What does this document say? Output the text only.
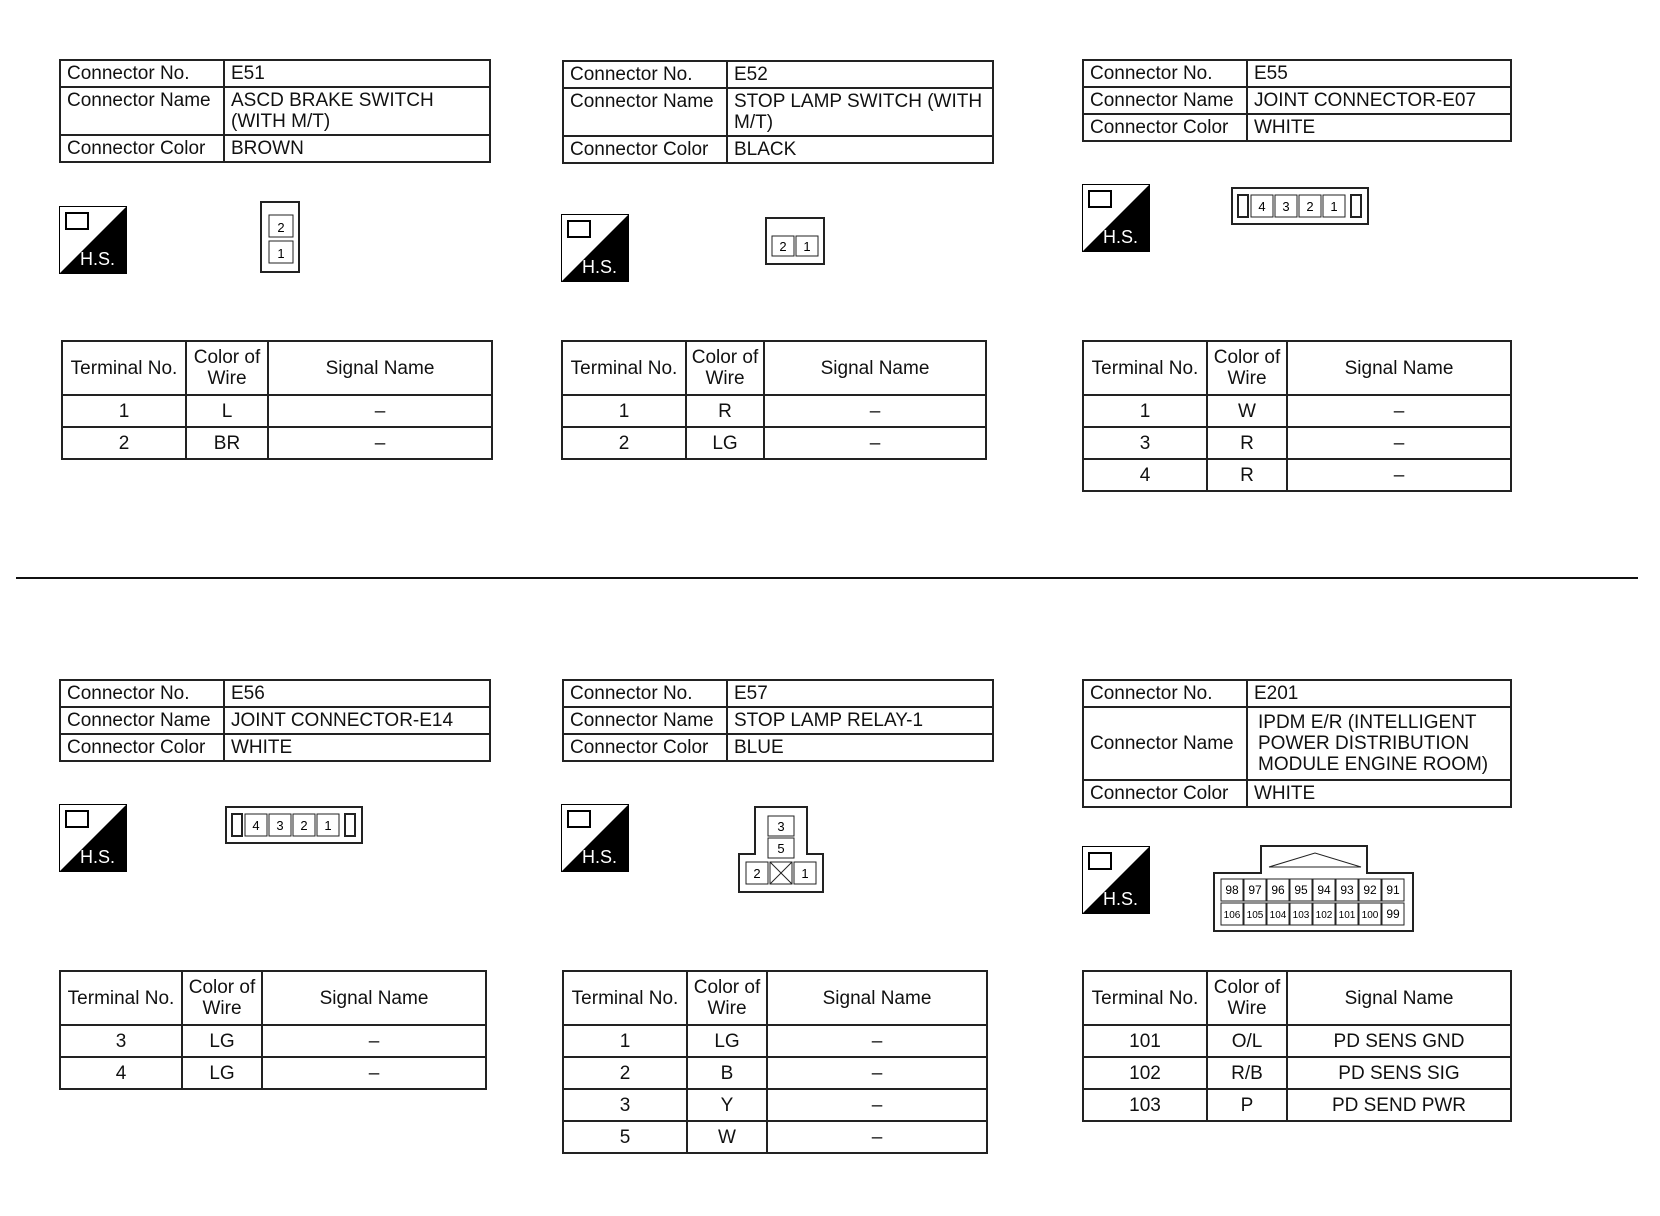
Connector No.	E51
Connector Name	ASCD BRAKE SWITCH (WITH M/T)
Connector Color	BROWN
H.S.
2
1
Terminal No.	Color of Wire	Signal Name
1	L	–
2	BR	–
Connector No.	E52
Connector Name	STOP LAMP SWITCH (WITH M/T)
Connector Color	BLACK
H.S.
2 1
Terminal No.	Color of Wire	Signal Name
1	R	–
2	LG	–
Connector No.	E55
Connector Name	JOINT CONNECTOR-E07
Connector Color	WHITE
H.S.
4 3 2 1
Terminal No.	Color of Wire	Signal Name
1	W	–
3	R	–
4	R	–
Connector No.	E56
Connector Name	JOINT CONNECTOR-E14
Connector Color	WHITE
H.S.
4 3 2 1
Terminal No.	Color of Wire	Signal Name
3	LG	–
4	LG	–
Connector No.	E57
Connector Name	STOP LAMP RELAY-1
Connector Color	BLUE
H.S.
3
5
2	1
Terminal No.	Color of Wire	Signal Name
1	LG	–
2	B	–
3	Y	–
5	W	–
Connector No.	E201
Connector Name	IPDM E/R (INTELLIGENT POWER DISTRIBUTION MODULE ENGINE ROOM)
Connector Color	WHITE
H.S.	98 97 96 95 94 93 92 91
106 105 104 103 102 101 100 99
Terminal No.	Color of Wire	Signal Name
101	O/L	PD SENS GND
102	R/B	PD SENS SIG
103	P	PD SEND PWR
